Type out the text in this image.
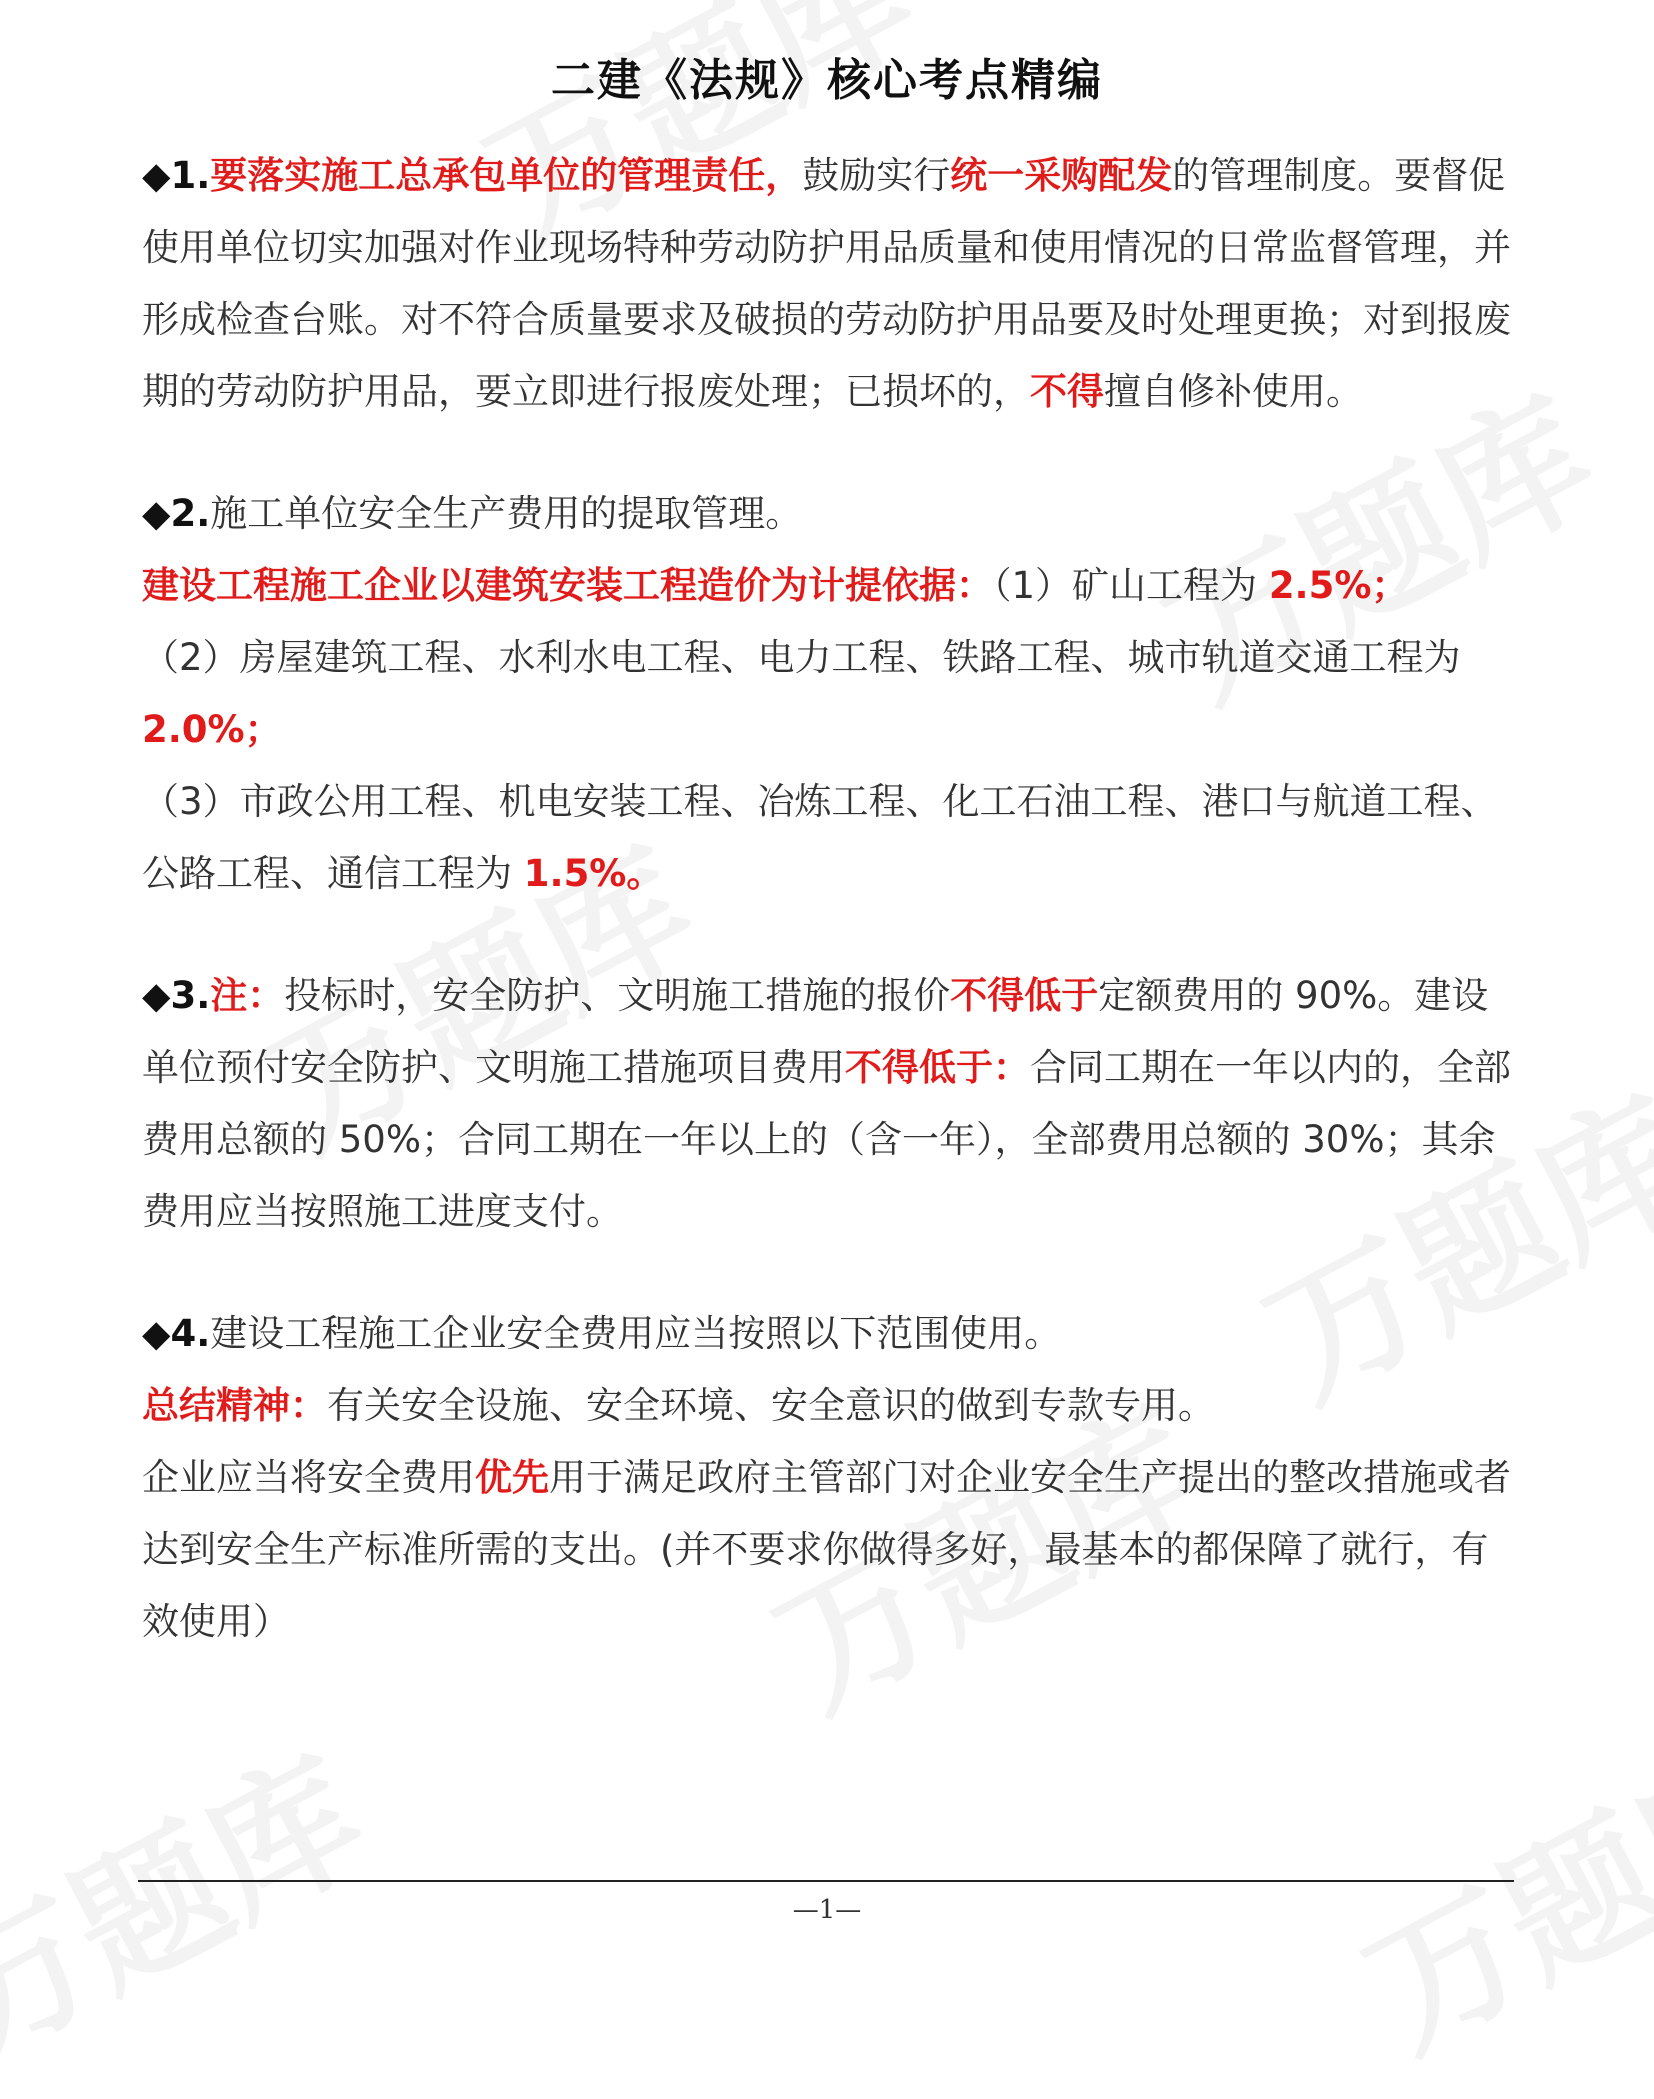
二建《法规》核心考点精编

◆1.要落实施工总承包单位的管理责任，鼓励实行统一采购配发的管理制度。要督促使用单位切实加强对作业现场特种劳动防护用品质量和使用情况的日常监督管理，并形成检查台账。对不符合质量要求及破损的劳动防护用品要及时处理更换；对到报废期的劳动防护用品，要立即进行报废处理；已损坏的，不得擅自修补使用。

◆2.施工单位安全生产费用的提取管理。

建设工程施工企业以建筑安装工程造价为计提依据：（1）矿山工程为 2.5%；

（2）房屋建筑工程、水利水电工程、电力工程、铁路工程、城市轨道交通工程为 2.0%；

（3）市政公用工程、机电安装工程、冶炼工程、化工石油工程、港口与航道工程、公路工程、通信工程为 1.5%。

◆3.注：投标时，安全防护、文明施工措施的报价不得低于定额费用的 90%。建设单位预付安全防护、文明施工措施项目费用不得低于：合同工期在一年以内的，全部费用总额的 50%；合同工期在一年以上的（含一年），全部费用总额的 30%；其余费用应当按照施工进度支付。

◆4.建设工程施工企业安全费用应当按照以下范围使用。

总结精神：有关安全设施、安全环境、安全意识的做到专款专用。

企业应当将安全费用优先用于满足政府主管部门对企业安全生产提出的整改措施或者达到安全生产标准所需的支出。(并不要求你做得多好，最基本的都保障了就行，有效使用）

—1—
